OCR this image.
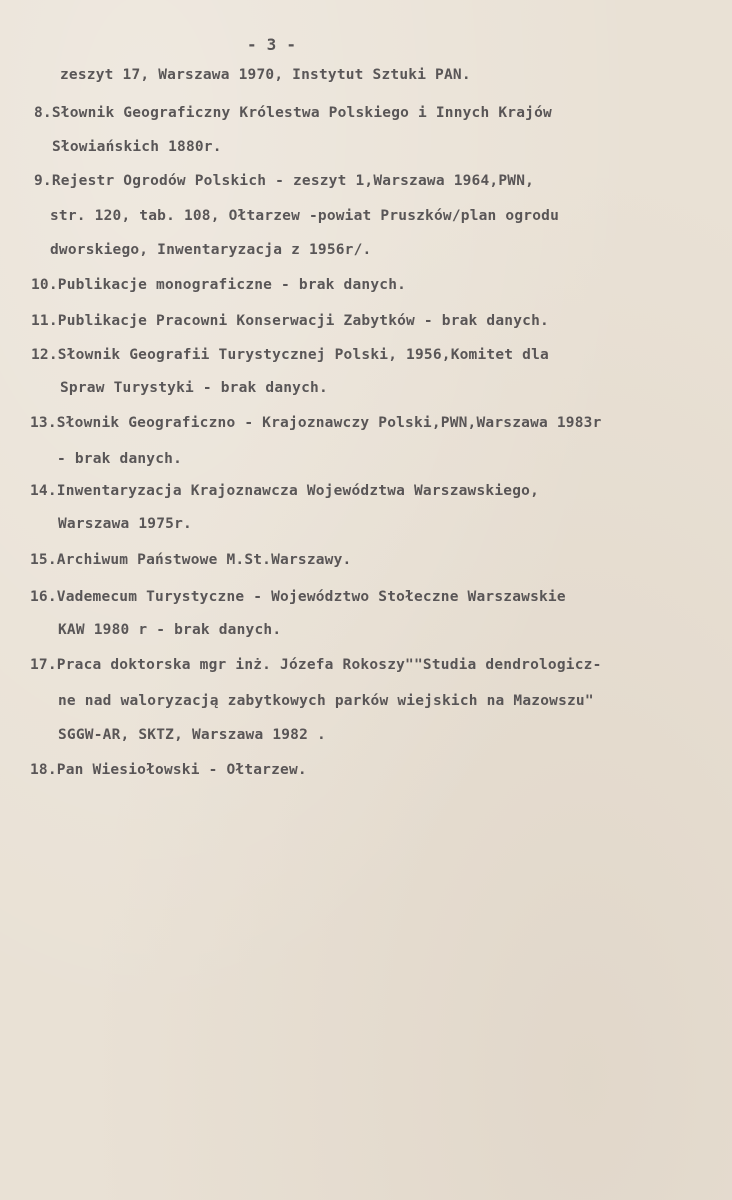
- 3 -
zeszyt 17, Warszawa 1970, Instytut Sztuki PAN.
8.Słownik Geograficzny Królestwa Polskiego i Innych Krajów
Słowiańskich 1880r.
9.Rejestr Ogrodów Polskich - zeszyt 1,Warszawa 1964,PWN,
str. 120, tab. 108, Ołtarzew -powiat Pruszków/plan ogrodu
dworskiego, Inwentaryzacja z 1956r/.
10.Publikacje monograficzne - brak danych.
11.Publikacje Pracowni Konserwacji Zabytków - brak danych.
12.Słownik Geografii Turystycznej Polski, 1956,Komitet dla
Spraw Turystyki - brak danych.
13.Słownik Geograficzno - Krajoznawczy Polski,PWN,Warszawa 1983r
- brak danych.
14.Inwentaryzacja Krajoznawcza Województwa Warszawskiego,
Warszawa 1975r.
15.Archiwum Państwowe M.St.Warszawy.
16.Vademecum Turystyczne - Województwo Stołeczne Warszawskie
KAW 1980 r - brak danych.
17.Praca doktorska mgr inż. Józefa Rokoszy""Studia dendrologicz-
ne nad waloryzacją zabytkowych parków wiejskich na Mazowszu"
SGGW-AR, SKTZ, Warszawa 1982 .
18.Pan Wiesiołowski - Ołtarzew.
